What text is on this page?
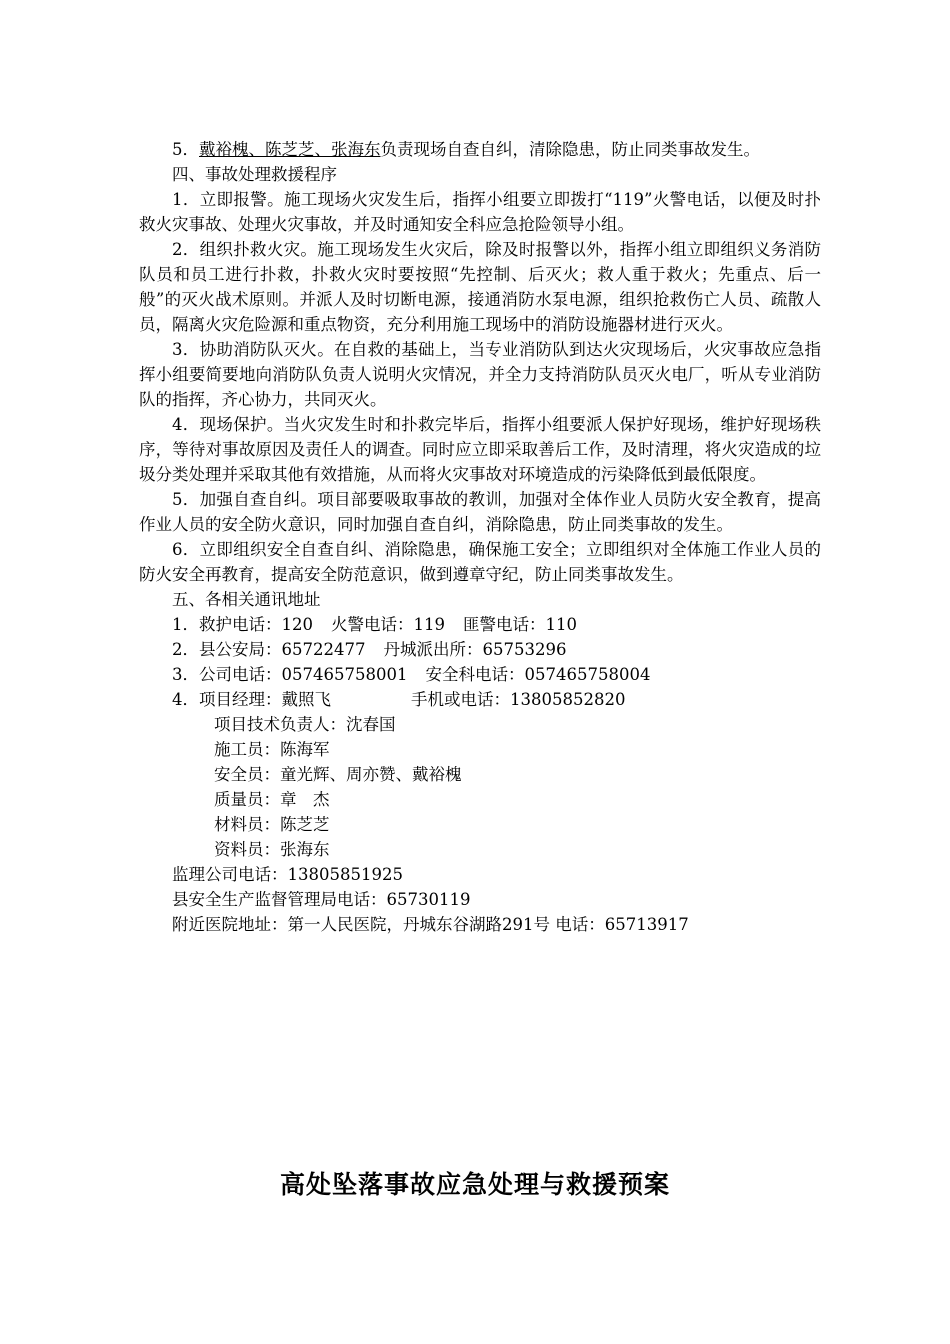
5．戴裕槐、陈芝芝、张海东负责现场自查自纠，清除隐患，防止同类事故发生。

四、事故处理救援程序

1．立即报警。施工现场火灾发生后，指挥小组要立即拨打“119”火警电话，以便及时扑救火灾事故、处理火灾事故，并及时通知安全科应急抢险领导小组。

2．组织扑救火灾。施工现场发生火灾后，除及时报警以外，指挥小组立即组织义务消防队员和员工进行扑救，扑救火灾时要按照“先控制、后灭火；救人重于救火；先重点、后一般”的灭火战术原则。并派人及时切断电源，接通消防水泵电源，组织抢救伤亡人员、疏散人员，隔离火灾危险源和重点物资，充分利用施工现场中的消防设施器材进行灭火。

3．协助消防队灭火。在自救的基础上，当专业消防队到达火灾现场后，火灾事故应急指挥小组要简要地向消防队负责人说明火灾情况，并全力支持消防队员灭火电厂，听从专业消防队的指挥，齐心协力，共同灭火。

4．现场保护。当火灾发生时和扑救完毕后，指挥小组要派人保护好现场，维护好现场秩序，等待对事故原因及责任人的调查。同时应立即采取善后工作，及时清理，将火灾造成的垃圾分类处理并采取其他有效措施，从而将火灾事故对环境造成的污染降低到最低限度。

5．加强自查自纠。项目部要吸取事故的教训，加强对全体作业人员防火安全教育，提高作业人员的安全防火意识，同时加强自查自纠，消除隐患，防止同类事故的发生。

6．立即组织安全自查自纠、消除隐患，确保施工安全；立即组织对全体施工作业人员的防火安全再教育，提高安全防范意识，做到遵章守纪，防止同类事故发生。

五、各相关通讯地址

1．救护电话：120 火警电话：119 匪警电话：110

2．县公安局：65722477 丹城派出所：65753296

3．公司电话：057465758001 安全科电话：057465758004

4．项目经理：戴照飞	手机或电话：13805852820

项目技术负责人：沈春国

施工员：陈海军

安全员：童光辉、周亦赞、戴裕槐

质量员：章　杰

材料员：陈芝芝

资料员：张海东

监理公司电话：13805851925

县安全生产监督管理局电话：65730119

附近医院地址：第一人民医院，丹城东谷湖路291号 电话：65713917

高处坠落事故应急处理与救援预案
